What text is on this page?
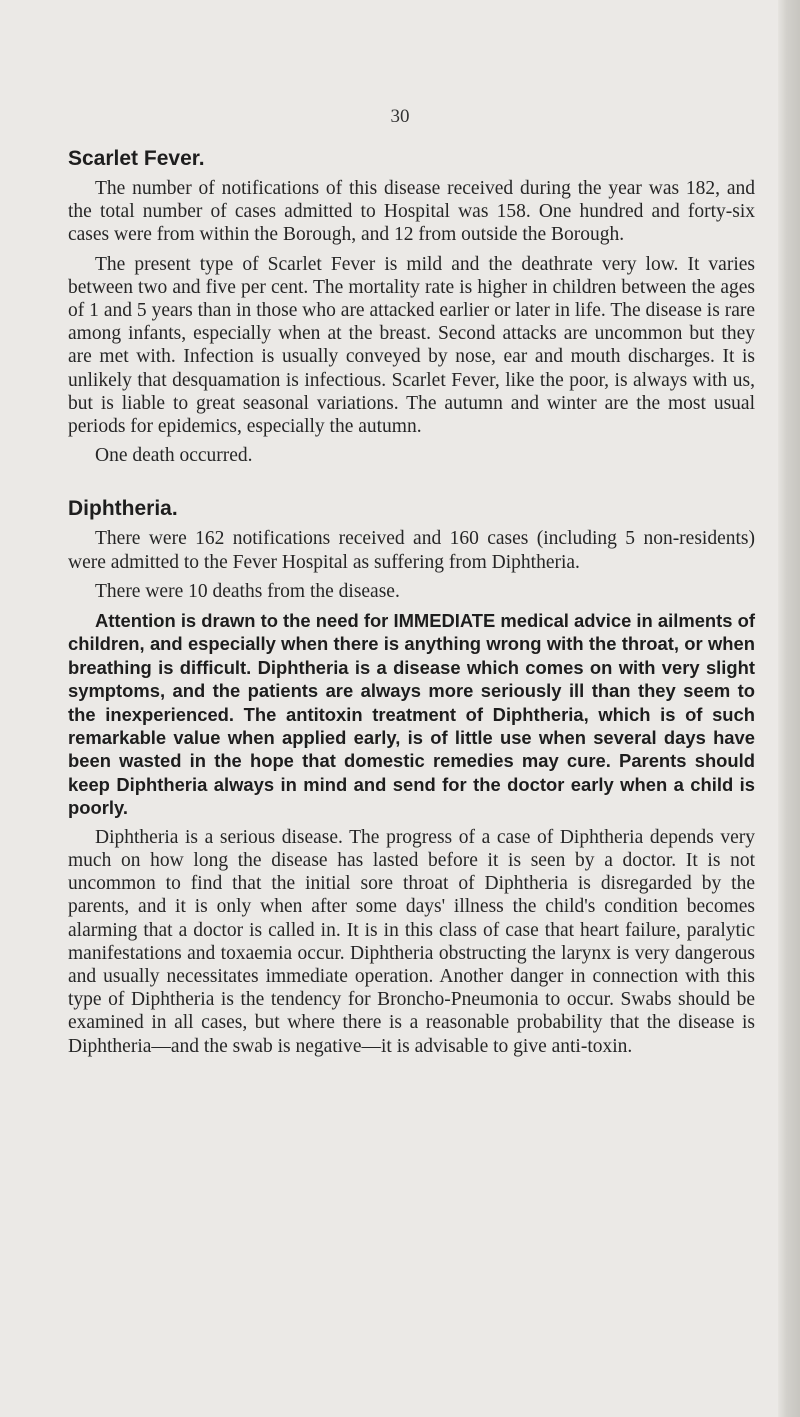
30
Scarlet Fever.

The number of notifications of this disease received during the year was 182, and the total number of cases admitted to Hospital was 158. One hundred and forty-six cases were from within the Borough, and 12 from outside the Borough.

The present type of Scarlet Fever is mild and the deathrate very low. It varies between two and five per cent. The mortality rate is higher in children between the ages of 1 and 5 years than in those who are attacked earlier or later in life. The disease is rare among infants, especially when at the breast. Second attacks are uncommon but they are met with. Infection is usually conveyed by nose, ear and mouth discharges. It is unlikely that desquamation is infectious. Scarlet Fever, like the poor, is always with us, but is liable to great seasonal variations. The autumn and winter are the most usual periods for epidemics, especially the autumn.

One death occurred.

Diphtheria.

There were 162 notifications received and 160 cases (including 5 non-residents) were admitted to the Fever Hospital as suffering from Diphtheria.

There were 10 deaths from the disease.

Attention is drawn to the need for IMMEDIATE medical advice in ailments of children, and especially when there is anything wrong with the throat, or when breathing is difficult. Diphtheria is a disease which comes on with very slight symptoms, and the patients are always more seriously ill than they seem to the inexperienced. The antitoxin treatment of Diphtheria, which is of such remarkable value when applied early, is of little use when several days have been wasted in the hope that domestic remedies may cure. Parents should keep Diphtheria always in mind and send for the doctor early when a child is poorly.

Diphtheria is a serious disease. The progress of a case of Diphtheria depends very much on how long the disease has lasted before it is seen by a doctor. It is not uncommon to find that the initial sore throat of Diphtheria is disregarded by the parents, and it is only when after some days' illness the child's condition becomes alarming that a doctor is called in. It is in this class of case that heart failure, paralytic manifestations and toxaemia occur. Diphtheria obstructing the larynx is very dangerous and usually necessitates immediate operation. Another danger in connection with this type of Diphtheria is the tendency for Broncho-Pneumonia to occur. Swabs should be examined in all cases, but where there is a reasonable probability that the disease is Diphtheria—and the swab is negative—it is advisable to give anti-toxin.
